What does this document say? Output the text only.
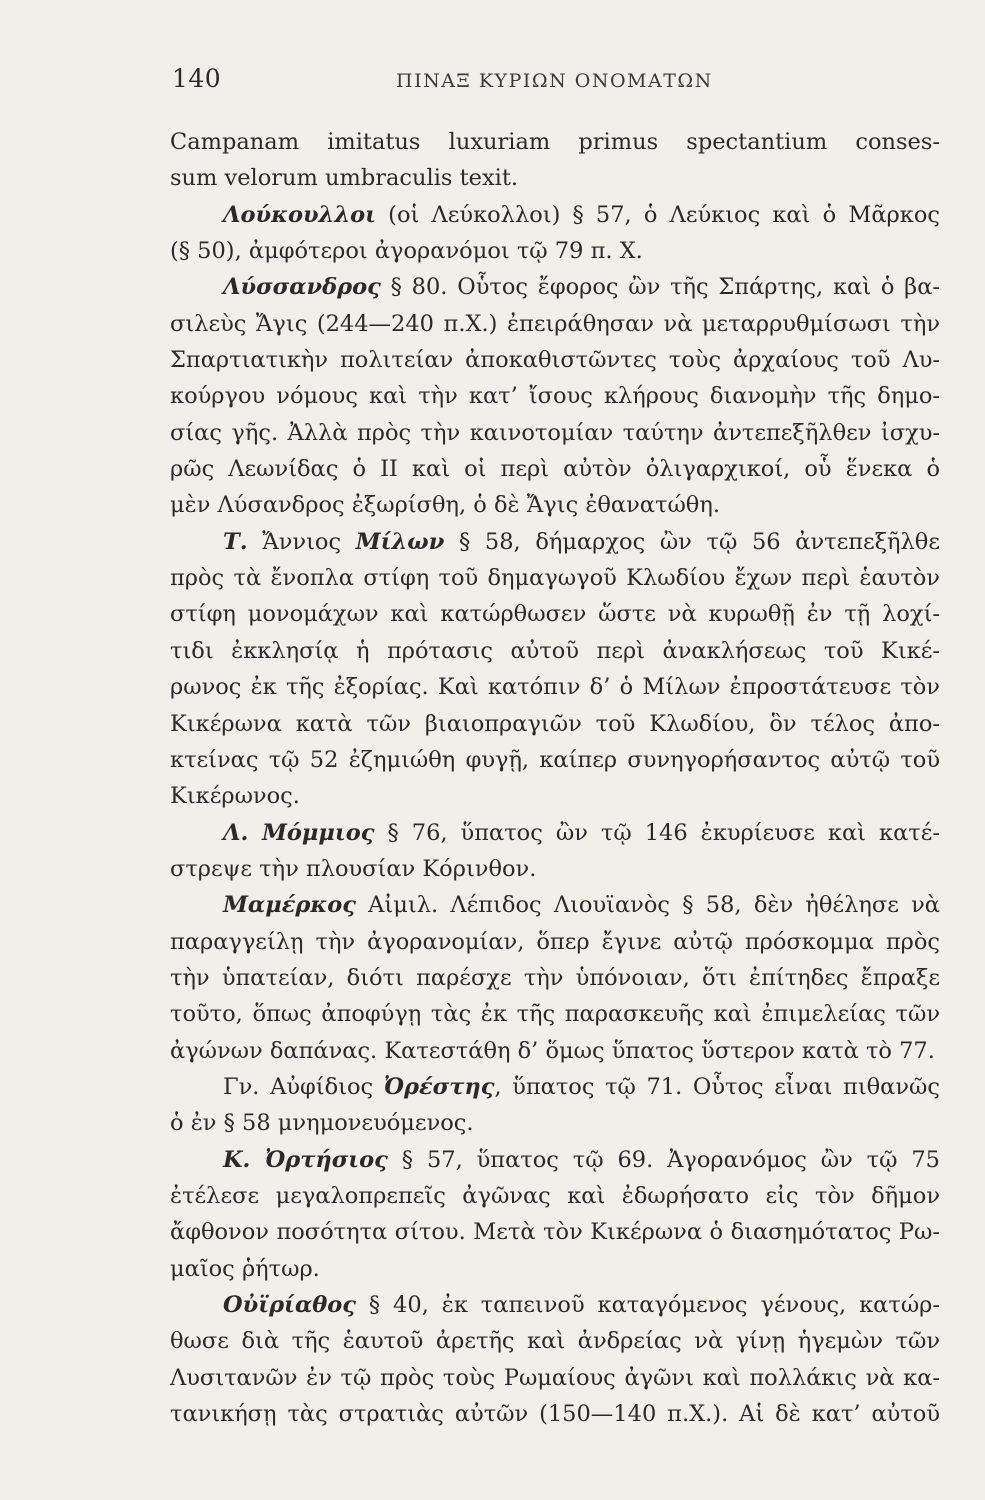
140	ΠΙΝΑΞ ΚΥΡΙΩΝ ΟΝΟΜΑΤΩΝ
Campanam imitatus luxuriam primus spectantium conses-
sum velorum umbraculis texit.
Λούκουλλοι (οἱ Λεύκολλοι) § 57, ὁ Λεύκιος καὶ ὁ Μᾶρκος
(§ 50), ἀμφότεροι ἀγορανόμοι τῷ 79 π. Χ.
Λύσσανδρος § 80. Οὗτος ἔφορος ὢν τῆς Σπάρτης, καὶ ὁ βα-
σιλεὺς Ἄγις (244—240 π.Χ.) ἐπειράθησαν νὰ μεταρρυθμίσωσι τὴν
Σπαρτιατικὴν πολιτείαν ἀποκαθιστῶντες τοὺς ἀρχαίους τοῦ Λυ-
κούργου νόμους καὶ τὴν κατ’ ἴσους κλήρους διανομὴν τῆς δημο-
σίας γῆς. Ἀλλὰ πρὸς τὴν καινοτομίαν ταύτην ἀντεπεξῆλθεν ἰσχυ-
ρῶς Λεωνίδας ὁ ΙΙ καὶ οἱ περὶ αὐτὸν ὀλιγαρχικοί, οὗ ἕνεκα ὁ
μὲν Λύσανδρος ἐξωρίσθη, ὁ δὲ Ἄγις ἐθανατώθη.
Τ. Ἄννιος Μίλων § 58, δήμαρχος ὢν τῷ 56 ἀντεπεξῆλθε
πρὸς τὰ ἔνοπλα στίφη τοῦ δημαγωγοῦ Κλωδίου ἔχων περὶ ἑαυτὸν
στίφη μονομάχων καὶ κατώρθωσεν ὥστε νὰ κυρωθῇ ἐν τῇ λοχί-
τιδι ἐκκλησίᾳ ἡ πρότασις αὐτοῦ περὶ ἀνακλήσεως τοῦ Κικέ-
ρωνος ἐκ τῆς ἐξορίας. Καὶ κατόπιν δ’ ὁ Μίλων ἐπροστάτευσε τὸν
Κικέρωνα κατὰ τῶν βιαιοπραγιῶν τοῦ Κλωδίου, ὃν τέλος ἀπο-
κτείνας τῷ 52 ἐζημιώθη φυγῇ, καίπερ συνηγορήσαντος αὐτῷ τοῦ
Κικέρωνος.
Λ. Μόμμιος § 76, ὕπατος ὢν τῷ 146 ἐκυρίευσε καὶ κατέ-
στρεψε τὴν πλουσίαν Κόρινθον.
Μαμέρκος Αἰμιλ. Λέπιδος Λιουϊανὸς § 58, δὲν ἠθέλησε νὰ
παραγγείλῃ τὴν ἀγορανομίαν, ὅπερ ἔγινε αὐτῷ πρόσκομμα πρὸς
τὴν ὑπατείαν, διότι παρέσχε τὴν ὑπόνοιαν, ὅτι ἐπίτηδες ἔπραξε
τοῦτο, ὅπως ἀποφύγῃ τὰς ἐκ τῆς παρασκευῆς καὶ ἐπιμελείας τῶν
ἀγώνων δαπάνας. Κατεστάθη δ’ ὅμως ὕπατος ὕστερον κατὰ τὸ 77.
Γν. Αὐφίδιος Ὀρέστης, ὕπατος τῷ 71. Οὗτος εἶναι πιθανῶς
ὁ ἐν § 58 μνημονευόμενος.
Κ. Ὀρτήσιος § 57, ὕπατος τῷ 69. Ἀγορανόμος ὢν τῷ 75
ἐτέλεσε μεγαλοπρεπεῖς ἀγῶνας καὶ ἐδωρήσατο εἰς τὸν δῆμον
ἄφθονον ποσότητα σίτου. Μετὰ τὸν Κικέρωνα ὁ διασημότατος Ρω-
μαῖος ῥήτωρ.
Οὐϊρίαθος § 40, ἐκ ταπεινοῦ καταγόμενος γένους, κατώρ-
θωσε διὰ τῆς ἑαυτοῦ ἀρετῆς καὶ ἀνδρείας νὰ γίνῃ ἡγεμὼν τῶν
Λυσιτανῶν ἐν τῷ πρὸς τοὺς Ρωμαίους ἀγῶνι καὶ πολλάκις νὰ κα-
τανικήσῃ τὰς στρατιὰς αὐτῶν (150—140 π.Χ.). Αἱ δὲ κατ’ αὐτοῦ
